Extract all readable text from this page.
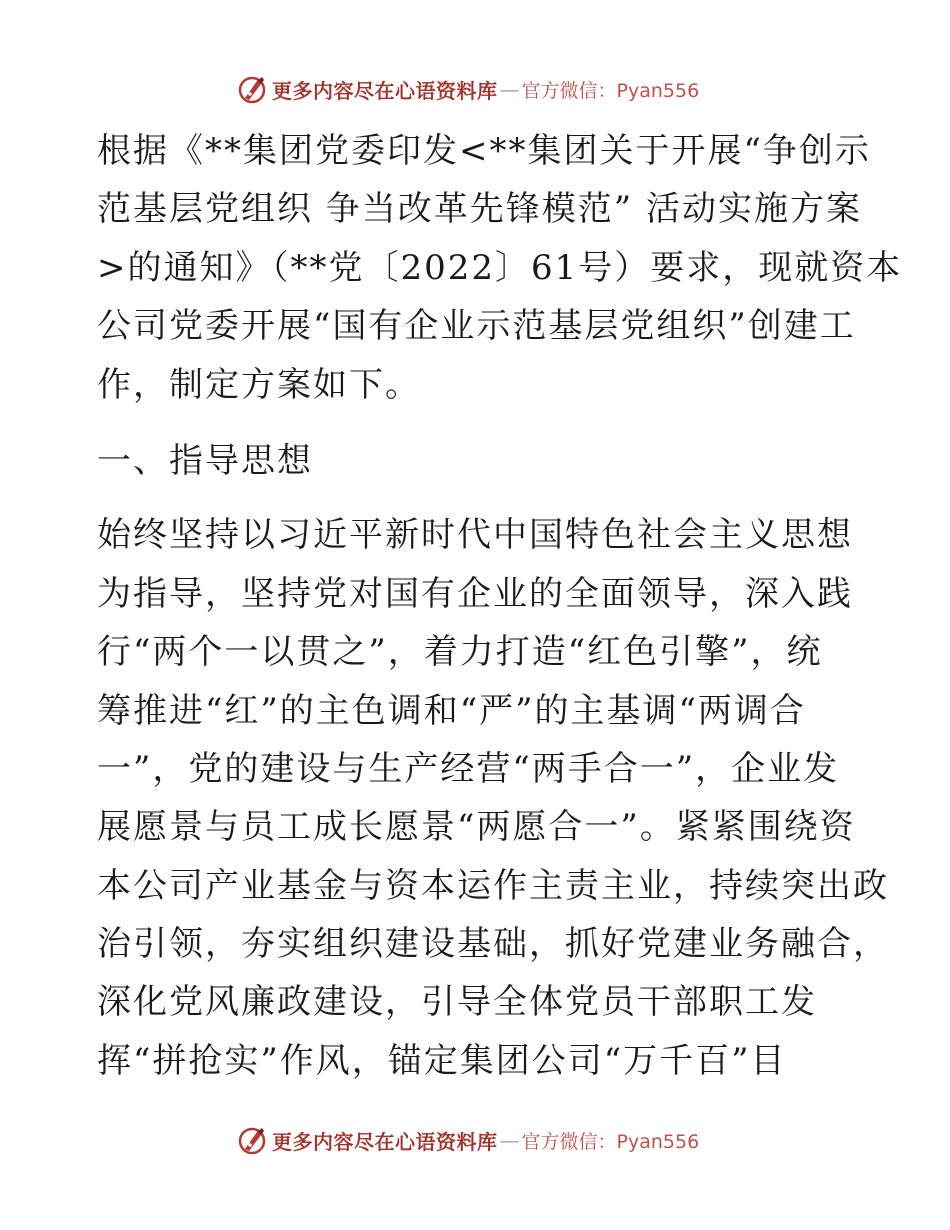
更多内容尽在心语资料库 — 官方微信：Pyan556
根据《**集团党委印发<**集团关于开展“争创示
范基层党组织 争当改革先锋模范” 活动实施方案
>的通知》（**党〔2022〕61号）要求，现就资本
公司党委开展“国有企业示范基层党组织”创建工
作，制定方案如下。
一、指导思想
始终坚持以习近平新时代中国特色社会主义思想
为指导，坚持党对国有企业的全面领导，深入践
行“两个一以贯之”，着力打造“红色引擎”，统
筹推进“红”的主色调和“严”的主基调“两调合
一”，党的建设与生产经营“两手合一”，企业发
展愿景与员工成长愿景“两愿合一”。紧紧围绕资
本公司产业基金与资本运作主责主业，持续突出政
治引领，夯实组织建设基础，抓好党建业务融合，
深化党风廉政建设，引导全体党员干部职工发
挥“拼抢实”作风，锚定集团公司“万千百”目
更多内容尽在心语资料库 — 官方微信：Pyan556
